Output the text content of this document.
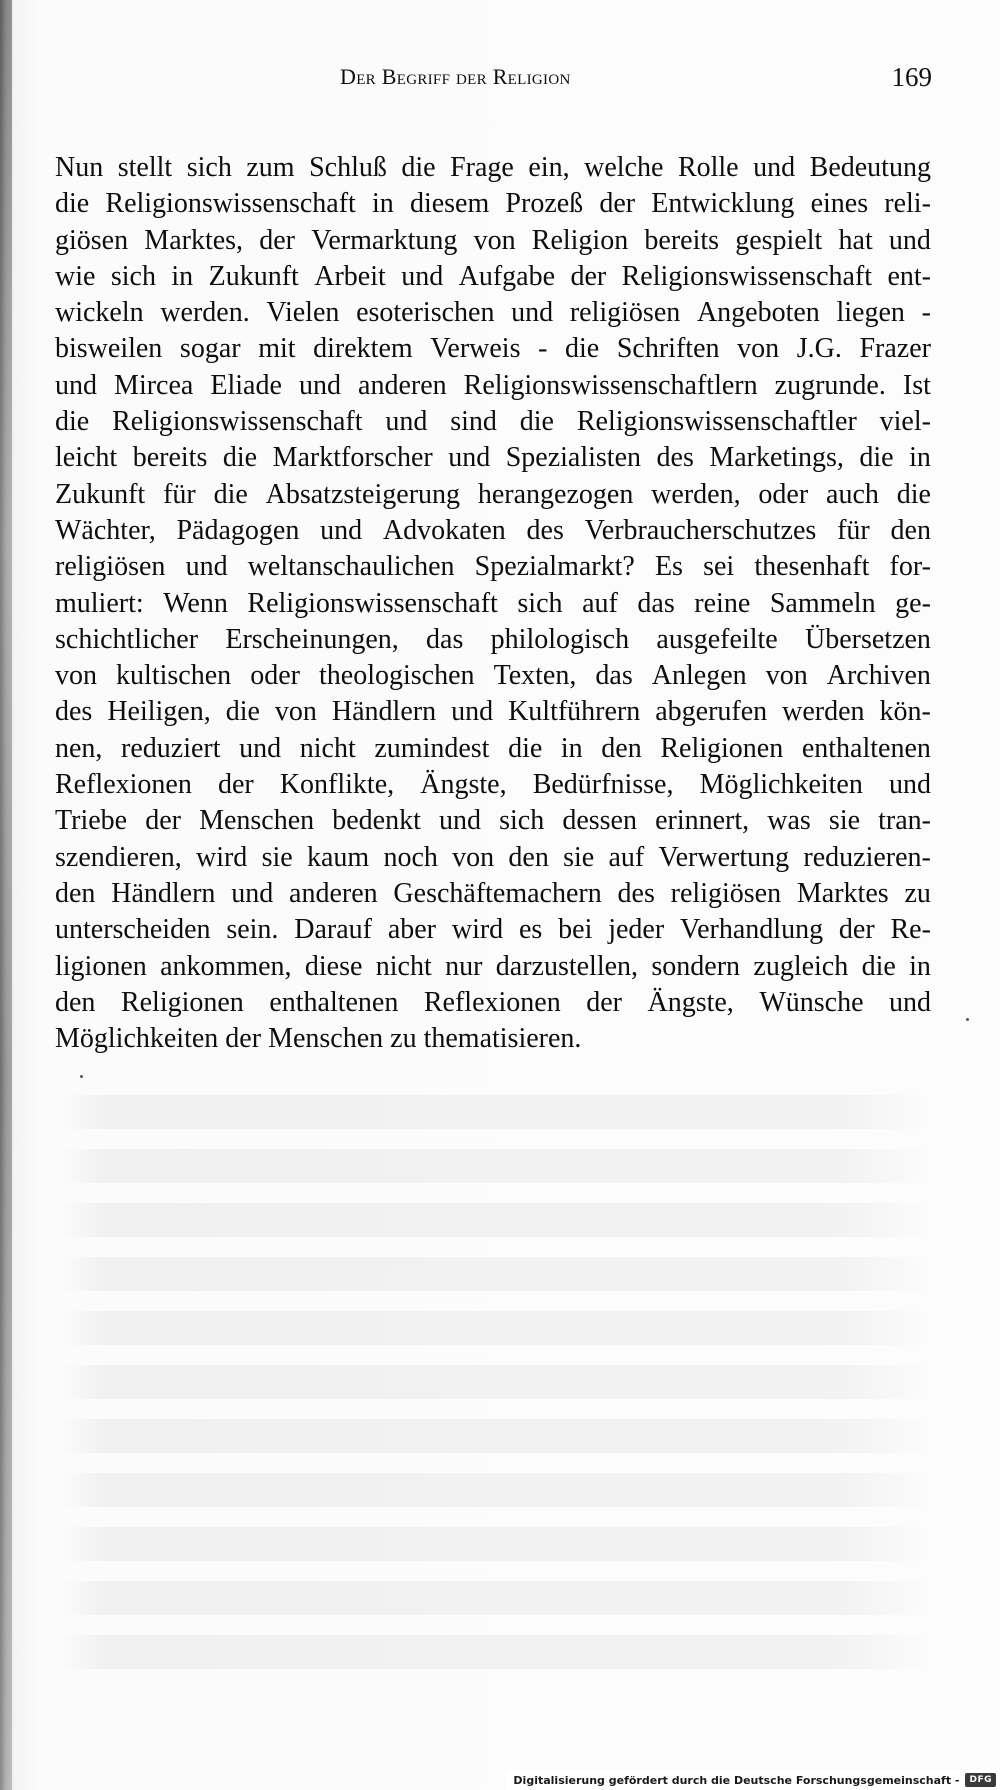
Der Begriff der Religion	169
Nun stellt sich zum Schluß die Frage ein, welche Rolle und Bedeutung
die Religionswissenschaft in diesem Prozeß der Entwicklung eines reli-
giösen Marktes, der Vermarktung von Religion bereits gespielt hat und
wie sich in Zukunft Arbeit und Aufgabe der Religionswissenschaft ent-
wickeln werden. Vielen esoterischen und religiösen Angeboten liegen -
bisweilen sogar mit direktem Verweis - die Schriften von J.G. Frazer
und Mircea Eliade und anderen Religionswissenschaftlern zugrunde. Ist
die Religionswissenschaft und sind die Religionswissenschaftler viel-
leicht bereits die Marktforscher und Spezialisten des Marketings, die in
Zukunft für die Absatzsteigerung herangezogen werden, oder auch die
Wächter, Pädagogen und Advokaten des Verbraucherschutzes für den
religiösen und weltanschaulichen Spezialmarkt? Es sei thesenhaft for-
muliert: Wenn Religionswissenschaft sich auf das reine Sammeln ge-
schichtlicher Erscheinungen, das philologisch ausgefeilte Übersetzen
von kultischen oder theologischen Texten, das Anlegen von Archiven
des Heiligen, die von Händlern und Kultführern abgerufen werden kön-
nen, reduziert und nicht zumindest die in den Religionen enthaltenen
Reflexionen der Konflikte, Ängste, Bedürfnisse, Möglichkeiten und
Triebe der Menschen bedenkt und sich dessen erinnert, was sie tran-
szendieren, wird sie kaum noch von den sie auf Verwertung reduzieren-
den Händlern und anderen Geschäftemachern des religiösen Marktes zu
unterscheiden sein. Darauf aber wird es bei jeder Verhandlung der Re-
ligionen ankommen, diese nicht nur darzustellen, sondern zugleich die in
den Religionen enthaltenen Reflexionen der Ängste, Wünsche und
Möglichkeiten der Menschen zu thematisieren.
Digitalisierung gefördert durch die Deutsche Forschungsgemeinschaft -	DFG
